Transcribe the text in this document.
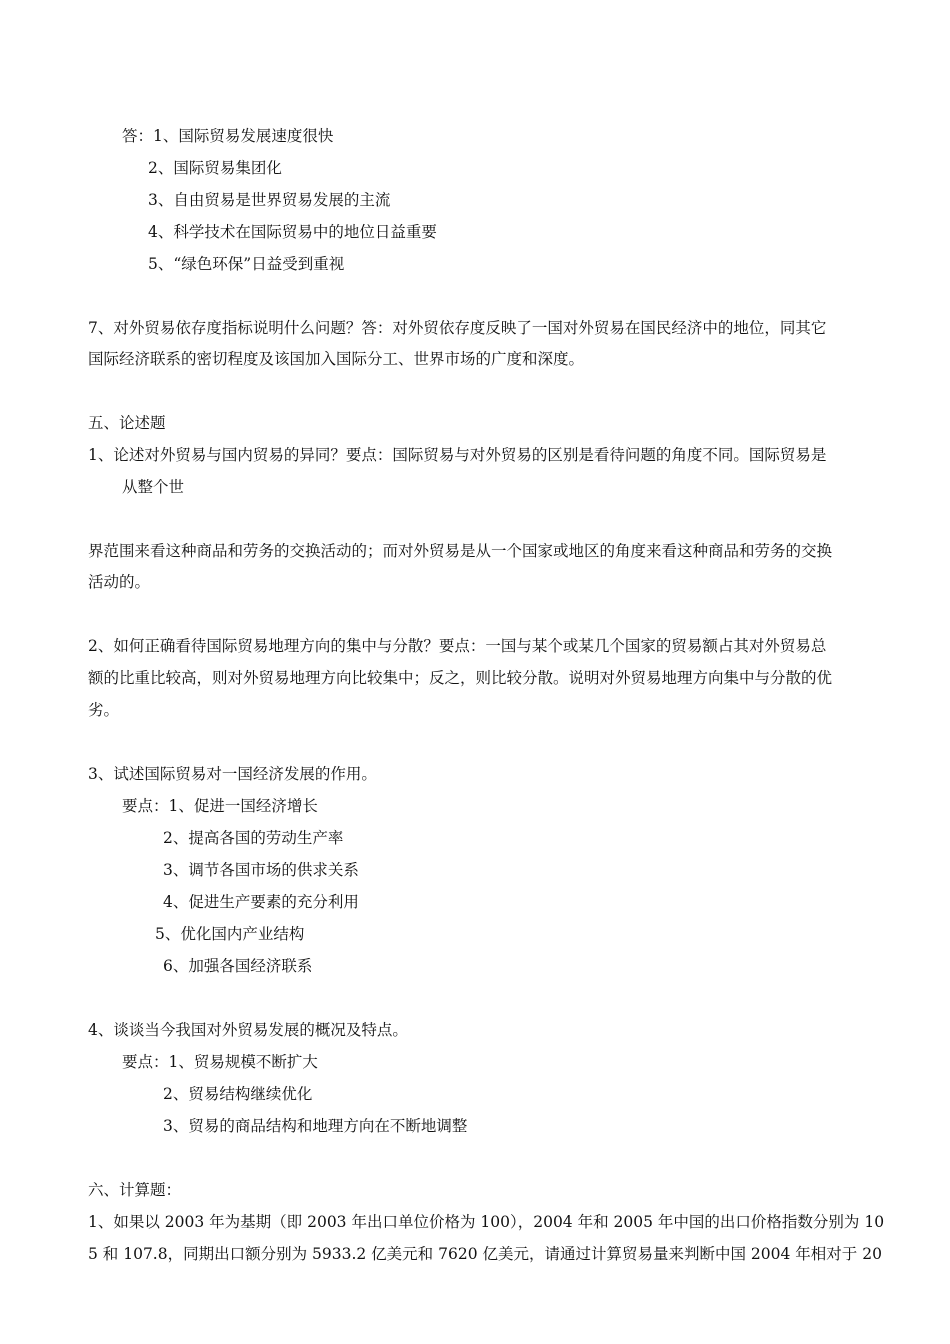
答：1、国际贸易发展速度很快
2、国际贸易集团化
3、自由贸易是世界贸易发展的主流
4、科学技术在国际贸易中的地位日益重要
5、“绿色环保”日益受到重视
7、对外贸易依存度指标说明什么问题？答：对外贸依存度反映了一国对外贸易在国民经济中的地位，同其它
国际经济联系的密切程度及该国加入国际分工、世界市场的广度和深度。
五、论述题
1、论述对外贸易与国内贸易的异同？要点：国际贸易与对外贸易的区别是看待问题的角度不同。国际贸易是
从整个世
界范围来看这种商品和劳务的交换活动的；而对外贸易是从一个国家或地区的角度来看这种商品和劳务的交换
活动的。
2、如何正确看待国际贸易地理方向的集中与分散？要点：一国与某个或某几个国家的贸易额占其对外贸易总
额的比重比较高，则对外贸易地理方向比较集中；反之，则比较分散。说明对外贸易地理方向集中与分散的优
劣。
3、试述国际贸易对一国经济发展的作用。
要点：1、促进一国经济增长
2、提高各国的劳动生产率
3、调节各国市场的供求关系
4、促进生产要素的充分利用
5、优化国内产业结构
6、加强各国经济联系
4、谈谈当今我国对外贸易发展的概况及特点。
要点：1、贸易规模不断扩大
2、贸易结构继续优化
3、贸易的商品结构和地理方向在不断地调整
六、计算题：
1、如果以 2003 年为基期（即 2003 年出口单位价格为 100），2004 年和 2005 年中国的出口价格指数分别为 10
5 和 107.8，同期出口额分别为 5933.2 亿美元和 7620 亿美元，请通过计算贸易量来判断中国 2004 年相对于 20
